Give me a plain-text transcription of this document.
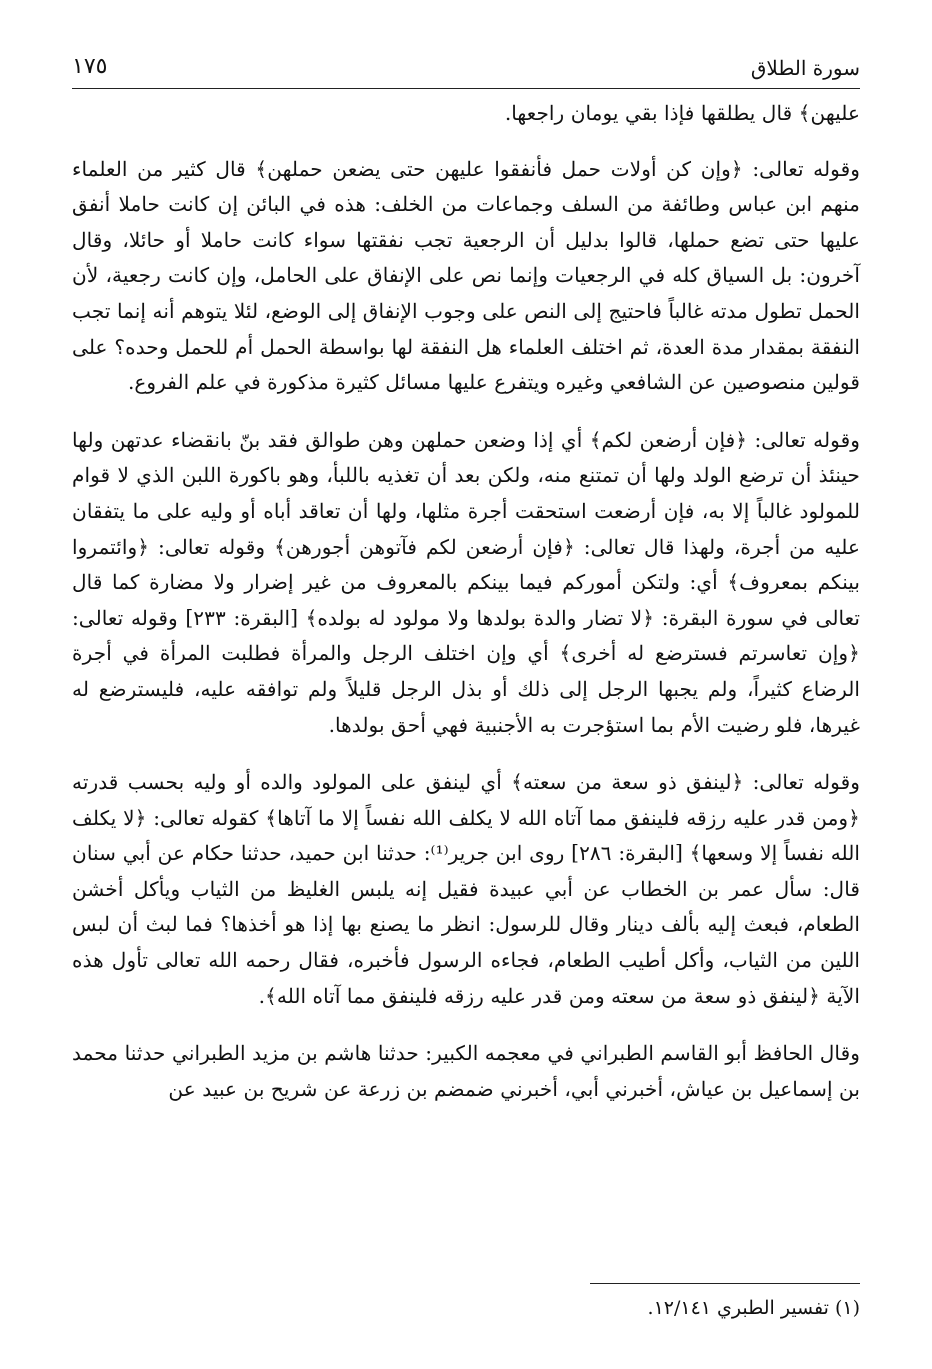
سورة الطلاق
١٧٥

عليهن﴾ قال يطلقها فإذا بقي يومان راجعها.

وقوله تعالى: ﴿وإن كن أولات حمل فأنفقوا عليهن حتى يضعن حملهن﴾ قال كثير من العلماء منهم ابن عباس وطائفة من السلف وجماعات من الخلف: هذه في البائن إن كانت حاملا أنفق عليها حتى تضع حملها، قالوا بدليل أن الرجعية تجب نفقتها سواء كانت حاملا أو حائلا، وقال آخرون: بل السياق كله في الرجعيات وإنما نص على الإنفاق على الحامل، وإن كانت رجعية، لأن الحمل تطول مدته غالباً فاحتيج إلى النص على وجوب الإنفاق إلى الوضع، لئلا يتوهم أنه إنما تجب النفقة بمقدار مدة العدة، ثم اختلف العلماء هل النفقة لها بواسطة الحمل أم للحمل وحده؟ على قولين منصوصين عن الشافعي وغيره ويتفرع عليها مسائل كثيرة مذكورة في علم الفروع.

وقوله تعالى: ﴿فإن أرضعن لكم﴾ أي إذا وضعن حملهن وهن طوالق فقد بنّ بانقضاء عدتهن ولها حينئذ أن ترضع الولد ولها أن تمتنع منه، ولكن بعد أن تغذيه باللبأ، وهو باكورة اللبن الذي لا قوام للمولود غالباً إلا به، فإن أرضعت استحقت أجرة مثلها، ولها أن تعاقد أباه أو وليه على ما يتفقان عليه من أجرة، ولهذا قال تعالى: ﴿فإن أرضعن لكم فآتوهن أجورهن﴾ وقوله تعالى: ﴿وائتمروا بينكم بمعروف﴾ أي: ولتكن أموركم فيما بينكم بالمعروف من غير إضرار ولا مضارة كما قال تعالى في سورة البقرة: ﴿لا تضار والدة بولدها ولا مولود له بولده﴾ [البقرة: ٢٣٣] وقوله تعالى: ﴿وإن تعاسرتم فسترضع له أخرى﴾ أي وإن اختلف الرجل والمرأة فطلبت المرأة في أجرة الرضاع كثيراً، ولم يجبها الرجل إلى ذلك أو بذل الرجل قليلاً ولم توافقه عليه، فليسترضع له غيرها، فلو رضيت الأم بما استؤجرت به الأجنبية فهي أحق بولدها.

وقوله تعالى: ﴿لينفق ذو سعة من سعته﴾ أي لينفق على المولود والده أو وليه بحسب قدرته ﴿ومن قدر عليه رزقه فلينفق مما آتاه الله لا يكلف الله نفساً إلا ما آتاها﴾ كقوله تعالى: ﴿لا يكلف الله نفساً إلا وسعها﴾ [البقرة: ٢٨٦] روى ابن جرير⁽¹⁾: حدثنا ابن حميد، حدثنا حكام عن أبي سنان قال: سأل عمر بن الخطاب عن أبي عبيدة فقيل إنه يلبس الغليظ من الثياب ويأكل أخشن الطعام، فبعث إليه بألف دينار وقال للرسول: انظر ما يصنع بها إذا هو أخذها؟ فما لبث أن لبس اللين من الثياب، وأكل أطيب الطعام، فجاءه الرسول فأخبره، فقال رحمه الله تعالى تأول هذه الآية ﴿لينفق ذو سعة من سعته ومن قدر عليه رزقه فلينفق مما آتاه الله﴾.

وقال الحافظ أبو القاسم الطبراني في معجمه الكبير: حدثنا هاشم بن مزيد الطبراني حدثنا محمد بن إسماعيل بن عياش، أخبرني أبي، أخبرني ضمضم بن زرعة عن شريح بن عبيد عن

(١) تفسير الطبري ١٢/١٤١.
